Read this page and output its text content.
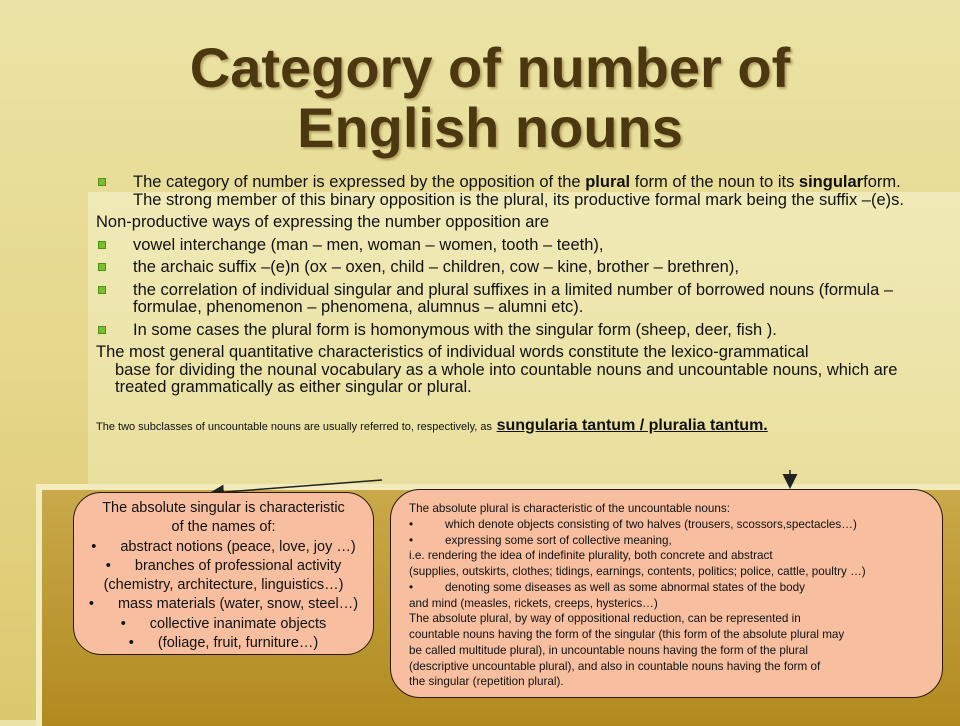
Category of number of
English nouns
The category of number is expressed by the opposition of the plural form of the noun to its singularform. The strong member of this binary opposition is the plural, its productive formal mark being the suffix –(e)s.
Non-productive ways of expressing the number opposition are
vowel interchange (man – men, woman – women, tooth – teeth),
the archaic suffix –(e)n (ox – oxen, child – children, cow – kine, brother – brethren),
the correlation of individual singular and plural suffixes in a limited number of borrowed nouns (formula – formulae, phenomenon – phenomena, alumnus – alumni etc).
In some cases the plural form is homonymous with the singular form (sheep, deer, fish ).
The most general quantitative characteristics of individual words constitute the lexico-grammatical
base for dividing the nounal vocabulary as a whole into countable nouns and uncountable nouns, which are treated grammatically as either singular or plural.
The two subclasses of uncountable nouns are usually referred to, respectively, as sungularia tantum / pluralia tantum.
The absolute singular is characteristic
of the names of:
• abstract notions (peace, love, joy …)
• branches of professional activity
(chemistry, architecture, linguistics…)
• mass materials (water, snow, steel…)
• collective inanimate objects
• (foliage, fruit, furniture…)
The absolute plural is characteristic of the uncountable nouns:
• which denote objects consisting of two halves (trousers, scossors,spectacles…)
• expressing some sort of collective meaning,
i.e. rendering the idea of indefinite plurality, both concrete and abstract
(supplies, outskirts, clothes; tidings, earnings, contents, politics; police, cattle, poultry …)
• denoting some diseases as well as some abnormal states of the body
and mind (measles, rickets, creeps, hysterics…)
The absolute plural, by way of oppositional reduction, can be represented in
countable nouns having the form of the singular (this form of the absolute plural may
be called multitude plural), in uncountable nouns having the form of the plural
(descriptive uncountable plural), and also in countable nouns having the form of
the singular (repetition plural).
